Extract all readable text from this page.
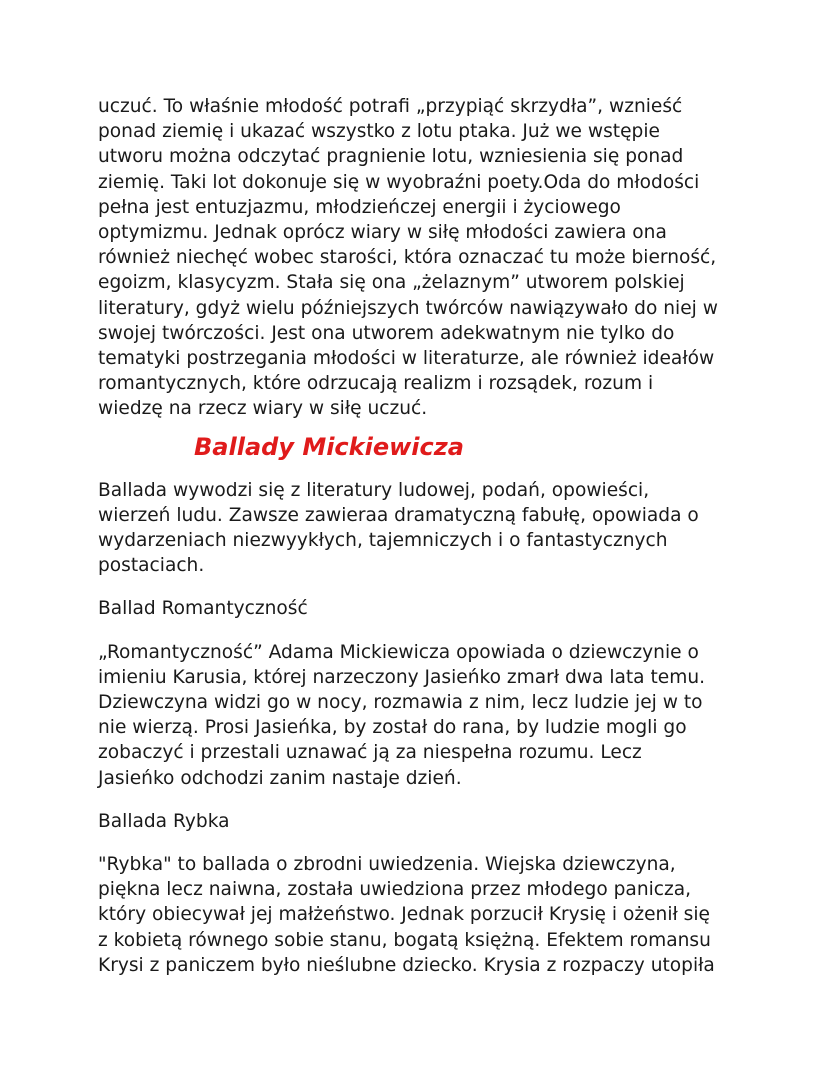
uczuć. To właśnie młodość potrafi „przypiąć skrzydła”, wznieść
ponad ziemię i ukazać wszystko z lotu ptaka. Już we wstępie
utworu można odczytać pragnienie lotu, wzniesienia się ponad
ziemię. Taki lot dokonuje się w wyobraźni poety.Oda do młodości
pełna jest entuzjazmu, młodzieńczej energii i życiowego
optymizmu. Jednak oprócz wiary w siłę młodości zawiera ona
również niechęć wobec starości, która oznaczać tu może bierność,
egoizm, klasycyzm. Stała się ona „żelaznym” utworem polskiej
literatury, gdyż wielu późniejszych twórców nawiązywało do niej w
swojej twórczości. Jest ona utworem adekwatnym nie tylko do
tematyki postrzegania młodości w literaturze, ale również ideałów
romantycznych, które odrzucają realizm i rozsądek, rozum i
wiedzę na rzecz wiary w siłę uczuć.

Ballady Mickiewicza

Ballada wywodzi się z literatury ludowej, podań, opowieści,
wierzeń ludu. Zawsze zawieraa dramatyczną fabułę, opowiada o
wydarzeniach niezwyykłych, tajemniczych i o fantastycznych
postaciach.

Ballad Romantyczność

„Romantyczność” Adama Mickiewicza opowiada o dziewczynie o
imieniu Karusia, której narzeczony Jasieńko zmarł dwa lata temu.
Dziewczyna widzi go w nocy, rozmawia z nim, lecz ludzie jej w to
nie wierzą. Prosi Jasieńka, by został do rana, by ludzie mogli go
zobaczyć i przestali uznawać ją za niespełna rozumu. Lecz
Jasieńko odchodzi zanim nastaje dzień.

Ballada Rybka

"Rybka" to ballada o zbrodni uwiedzenia. Wiejska dziewczyna,
piękna lecz naiwna, została uwiedziona przez młodego panicza,
który obiecywał jej małżeństwo. Jednak porzucił Krysię i ożenił się
z kobietą równego sobie stanu, bogatą księżną. Efektem romansu
Krysi z paniczem było nieślubne dziecko. Krysia z rozpaczy utopiła
